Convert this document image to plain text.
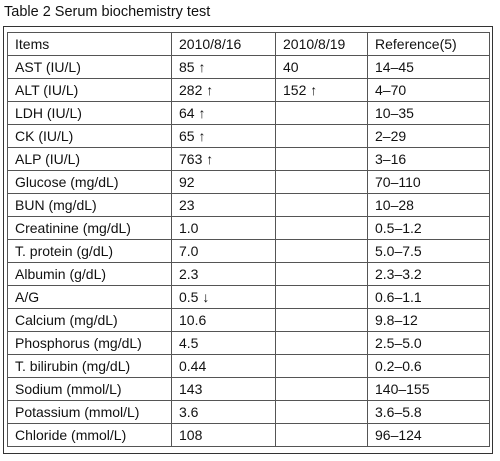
Table 2 Serum biochemistry test
Items	2010/8/16	2010/8/19	Reference(5)
AST (IU/L)	85 ↑	40	14–45
ALT (IU/L)	282 ↑	152 ↑	4–70
LDH (IU/L)	64 ↑		10–35
CK (IU/L)	65 ↑		2–29
ALP (IU/L)	763 ↑		3–16
Glucose (mg/dL)	92		70–110
BUN (mg/dL)	23		10–28
Creatinine (mg/dL)	1.0		0.5–1.2
T. protein (g/dL)	7.0		5.0–7.5
Albumin (g/dL)	2.3		2.3–3.2
A/G	0.5 ↓		0.6–1.1
Calcium (mg/dL)	10.6		9.8–12
Phosphorus (mg/dL)	4.5		2.5–5.0
T. bilirubin (mg/dL)	0.44		0.2–0.6
Sodium (mmol/L)	143		140–155
Potassium (mmol/L)	3.6		3.6–5.8
Chloride (mmol/L)	108		96–124
